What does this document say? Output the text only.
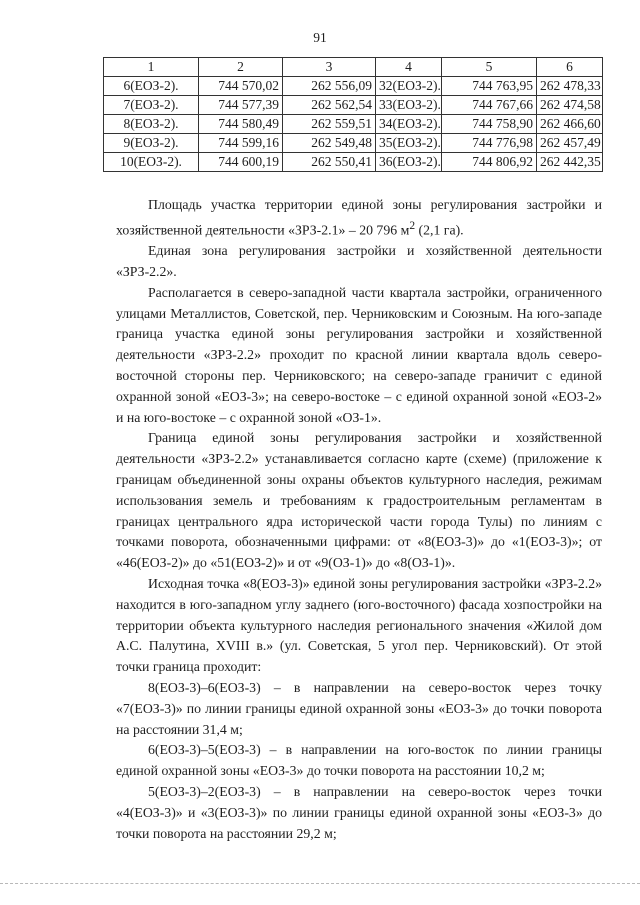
91
1	2	3	4	5	6
6(ЕОЗ-2).	744 570,02	262 556,09	32(ЕОЗ-2).	744 763,95	262 478,33
7(ЕОЗ-2).	744 577,39	262 562,54	33(ЕОЗ-2).	744 767,66	262 474,58
8(ЕОЗ-2).	744 580,49	262 559,51	34(ЕОЗ-2).	744 758,90	262 466,60
9(ЕОЗ-2).	744 599,16	262 549,48	35(ЕОЗ-2).	744 776,98	262 457,49
10(ЕОЗ-2).	744 600,19	262 550,41	36(ЕОЗ-2).	744 806,92	262 442,35

Площадь участка территории единой зоны регулирования застройки и хозяйственной деятельности «ЗРЗ-2.1» – 20 796 $м^2$ (2,1 га).

Единая зона регулирования застройки и хозяйственной деятельности «ЗРЗ-2.2».

Располагается в северо-западной части квартала застройки, ограниченного улицами Металлистов, Советской, пер. Черниковским и Союзным. На юго-западе граница участка единой зоны регулирования застройки и хозяйственной деятельности «ЗРЗ-2.2» проходит по красной линии квартала вдоль северо-восточной стороны пер. Черниковского; на северо-западе граничит с единой охранной зоной «ЕОЗ-3»; на северо-востоке – с единой охранной зоной «ЕОЗ-2» и на юго-востоке – с охранной зоной «ОЗ-1».

Граница единой зоны регулирования застройки и хозяйственной деятельности «ЗРЗ-2.2» устанавливается согласно карте (схеме) (приложение к границам объединенной зоны охраны объектов культурного наследия, режимам использования земель и требованиям к градостроительным регламентам в границах центрального ядра исторической части города Тулы) по линиям с точками поворота, обозначенными цифрами: от «8(ЕОЗ-3)» до «1(ЕОЗ-3)»; от «46(ЕОЗ-2)» до «51(ЕОЗ-2)» и от «9(ОЗ-1)» до «8(ОЗ-1)».

Исходная точка «8(ЕОЗ-3)» единой зоны регулирования застройки «ЗРЗ-2.2» находится в юго-западном углу заднего (юго-восточного) фасада хозпостройки на территории объекта культурного наследия регионального значения «Жилой дом А.С. Палутина, XVIII в.» (ул. Советская, 5 угол пер. Черниковский). От этой точки граница проходит:

8(ЕОЗ-3)–6(ЕОЗ-3) – в направлении на северо-восток через точку «7(ЕОЗ-3)» по линии границы единой охранной зоны «ЕОЗ-3» до точки поворота на расстоянии 31,4 м;

6(ЕОЗ-3)–5(ЕОЗ-3) – в направлении на юго-восток по линии границы единой охранной зоны «ЕОЗ-3» до точки поворота на расстоянии 10,2 м;

5(ЕОЗ-3)–2(ЕОЗ-3) – в направлении на северо-восток через точки «4(ЕОЗ-3)» и «3(ЕОЗ-3)» по линии границы единой охранной зоны «ЕОЗ-3» до точки поворота на расстоянии 29,2 м;
